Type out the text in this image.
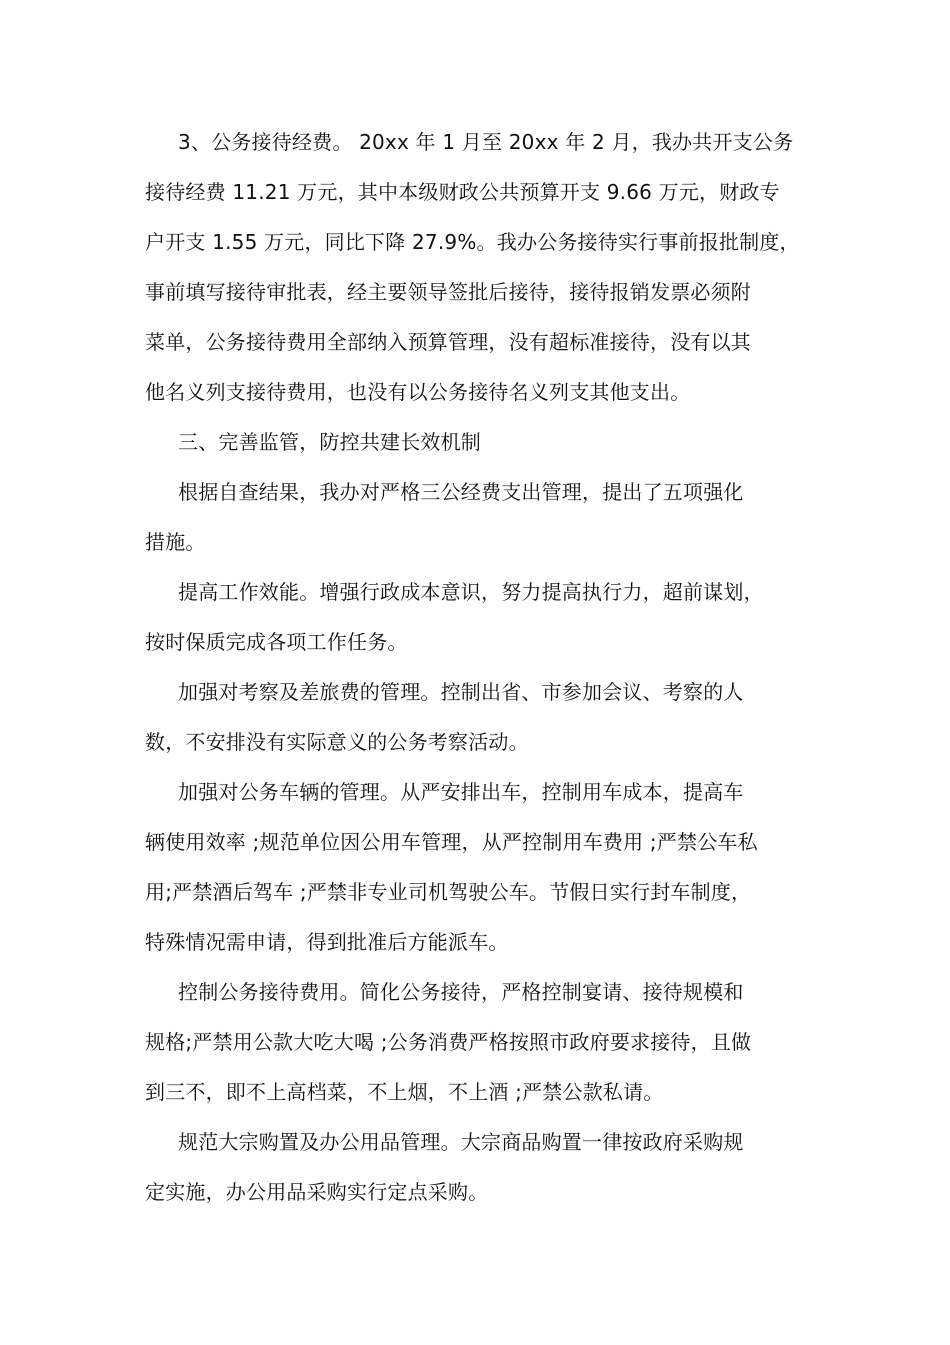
3、公务接待经费。 20xx 年 1 月至 20xx 年 2 月，我办共开支公务
接待经费 11.21 万元，其中本级财政公共预算开支 9.66 万元，财政专
户开支 1.55 万元，同比下降 27.9%。我办公务接待实行事前报批制度，
事前填写接待审批表，经主要领导签批后接待，接待报销发票必须附
菜单，公务接待费用全部纳入预算管理，没有超标准接待，没有以其
他名义列支接待费用，也没有以公务接待名义列支其他支出。
三、完善监管，防控共建长效机制
根据自查结果，我办对严格三公经费支出管理，提出了五项强化
措施。
提高工作效能。增强行政成本意识，努力提高执行力，超前谋划，
按时保质完成各项工作任务。
加强对考察及差旅费的管理。控制出省、市参加会议、考察的人
数，不安排没有实际意义的公务考察活动。
加强对公务车辆的管理。从严安排出车，控制用车成本，提高车
辆使用效率 ;规范单位因公用车管理，从严控制用车费用 ;严禁公车私
用;严禁酒后驾车 ;严禁非专业司机驾驶公车。节假日实行封车制度，
特殊情况需申请，得到批准后方能派车。
控制公务接待费用。简化公务接待，严格控制宴请、接待规模和
规格;严禁用公款大吃大喝 ;公务消费严格按照市政府要求接待，且做
到三不，即不上高档菜，不上烟，不上酒 ;严禁公款私请。
规范大宗购置及办公用品管理。大宗商品购置一律按政府采购规
定实施，办公用品采购实行定点采购。
